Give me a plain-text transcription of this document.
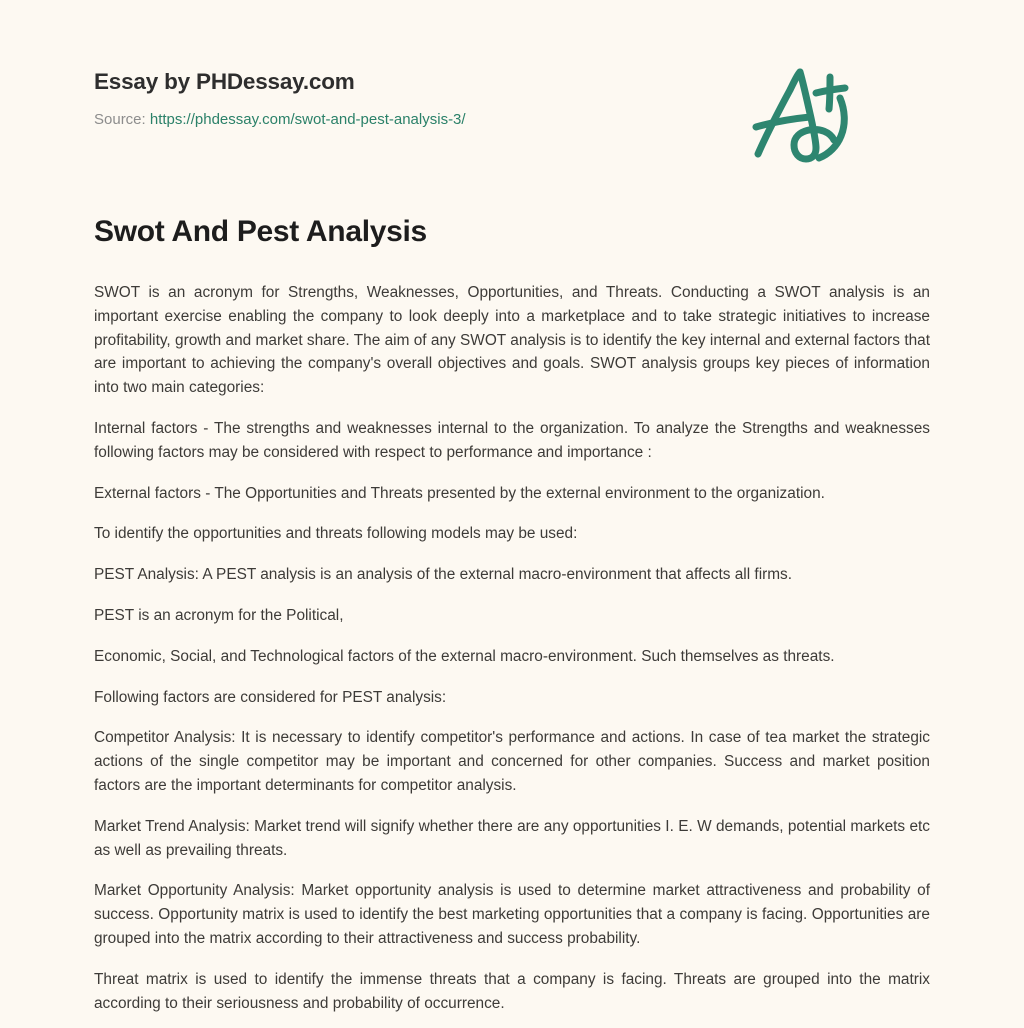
Essay by PHDessay.com
Source: https://phdessay.com/swot-and-pest-analysis-3/
Swot And Pest Analysis

SWOT is an acronym for Strengths, Weaknesses, Opportunities, and Threats. Conducting a SWOT analysis is an important exercise enabling the company to look deeply into a marketplace and to take strategic initiatives to increase profitability, growth and market share. The aim of any SWOT analysis is to identify the key internal and external factors that are important to achieving the company's overall objectives and goals. SWOT analysis groups key pieces of information into two main categories:

Internal factors - The strengths and weaknesses internal to the organization. To analyze the Strengths and weaknesses following factors may be considered with respect to performance and importance :

External factors - The Opportunities and Threats presented by the external environment to the organization.

To identify the opportunities and threats following models may be used:

PEST Analysis: A PEST analysis is an analysis of the external macro-environment that affects all firms.

PEST is an acronym for the Political,

Economic, Social, and Technological factors of the external macro-environment. Such themselves as threats.

Following factors are considered for PEST analysis:

Competitor Analysis: It is necessary to identify competitor's performance and actions. In case of tea market the strategic actions of the single competitor may be important and concerned for other companies. Success and market position factors are the important determinants for competitor analysis.

Market Trend Analysis: Market trend will signify whether there are any opportunities I. E. W demands, potential markets etc as well as prevailing threats.

Market Opportunity Analysis: Market opportunity analysis is used to determine market attractiveness and probability of success. Opportunity matrix is used to identify the best marketing opportunities that a company is facing. Opportunities are grouped into the matrix according to their attractiveness and success probability.

Threat matrix is used to identify the immense threats that a company is facing. Threats are grouped into the matrix according to their seriousness and probability of occurrence.
